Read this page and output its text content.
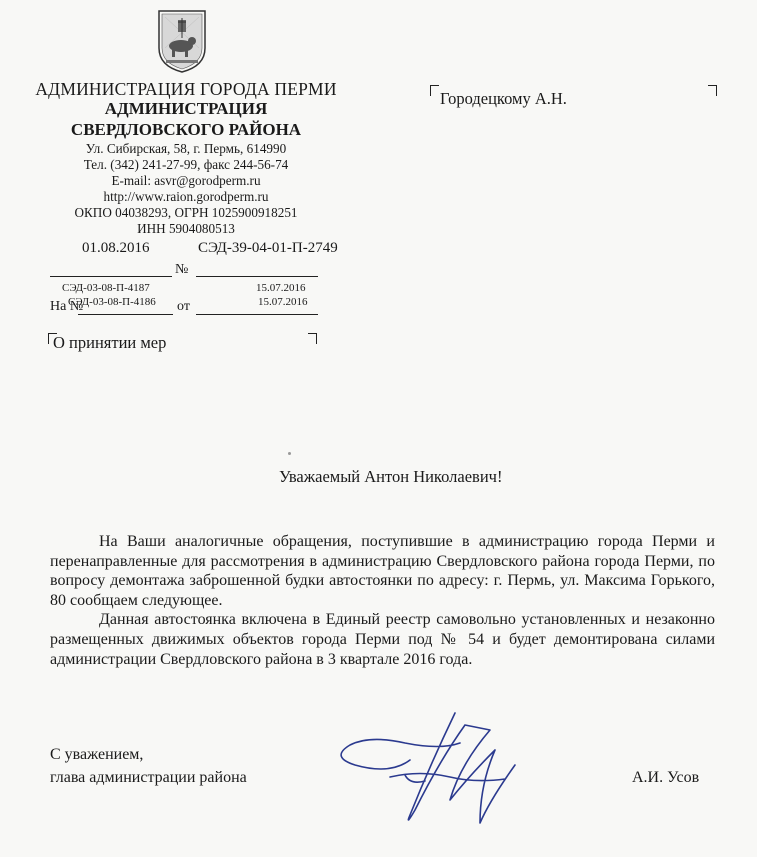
АДМИНИСТРАЦИЯ ГОРОДА ПЕРМИ
АДМИНИСТРАЦИЯ
СВЕРДЛОВСКОГО РАЙОНА
Ул. Сибирская, 58, г. Пермь, 614990
Тел. (342) 241-27-99, факс 244-56-74
E-mail: asvr@gorodperm.ru
http://www.raion.gorodperm.ru
ОКПО 04038293, ОГРН 1025900918251
ИНН 5904080513
01.08.2016	СЭД-39-04-01-П-2749
№
СЭД-03-08-П-4187	15.07.2016
На №
СЭД-03-08-П-4186 от	15.07.2016
Городецкому А.Н.
О принятии мер
Уважаемый Антон Николаевич!

На Ваши аналогичные обращения, поступившие в администрацию города Перми и перенаправленные для рассмотрения в администрацию Свердловского района города Перми, по вопросу демонтажа заброшенной будки автостоянки по адресу: г. Пермь, ул. Максима Горького, 80 сообщаем следующее.

Данная автостоянка включена в Единый реестр самовольно установленных и незаконно размещенных движимых объектов города Перми под № 54 и будет демонтирована силами администрации Свердловского района в 3 квартале 2016 года.

С уважением,
глава администрации района	А.И. Усов
